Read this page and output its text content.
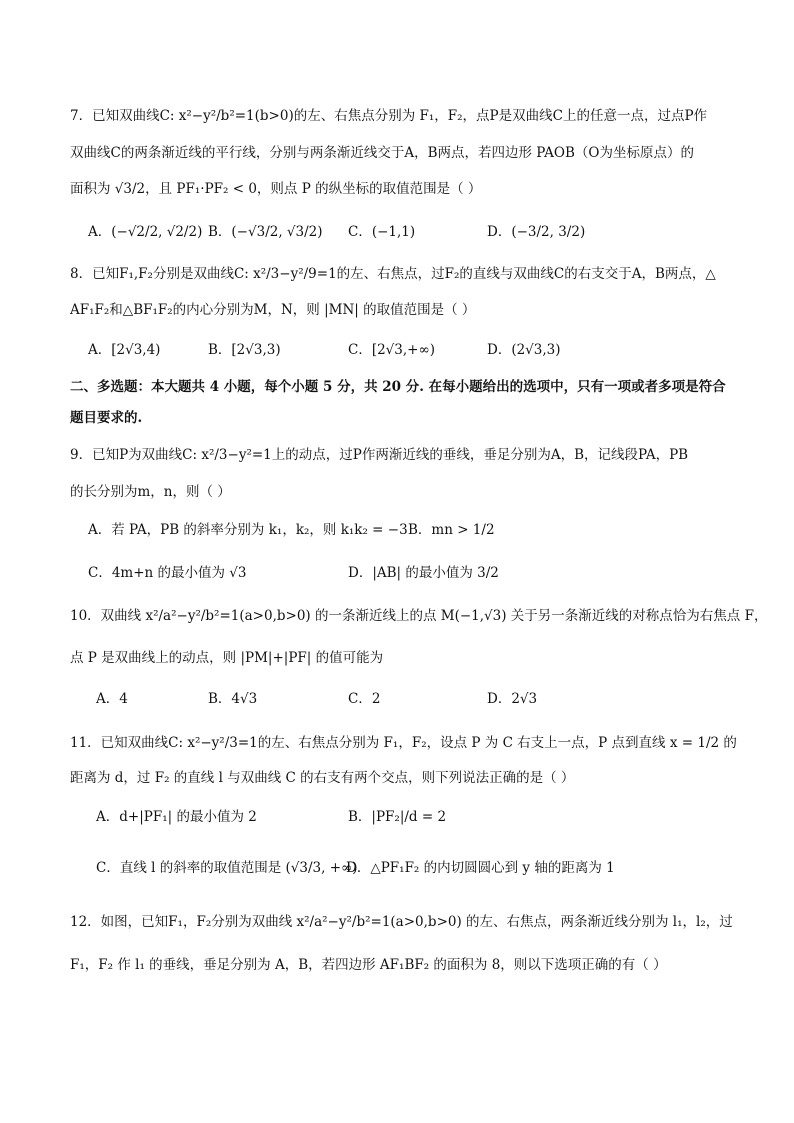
7．已知双曲线C: x²−y²/b²=1(b>0)的左、右焦点分别为 F₁，F₂，点P是双曲线C上的任意一点，过点P作
双曲线C的两条渐近线的平行线，分别与两条渐近线交于A，B两点，若四边形 PAOB（O为坐标原点）的
面积为 √3/2，且 PF₁·PF₂ < 0，则点 P 的纵坐标的取值范围是（ ）
A．(−√2/2, √2/2) B．(−√3/2, √3/2) C．(−1,1)	D．(−3/2, 3/2)
8．已知F₁,F₂分别是双曲线C: x²/3−y²/9=1的左、右焦点，过F₂的直线与双曲线C的右支交于A，B两点，△
AF₁F₂和△BF₁F₂的内心分别为M，N，则 |MN| 的取值范围是（ ）
A．[2√3,4)	B．[2√3,3)	C．[2√3,+∞)	D．(2√3,3)
二、多选题：本大题共 4 小题，每个小题 5 分，共 20 分. 在每小题给出的选项中，只有一项或者多项是符合
题目要求的.
9．已知P为双曲线C: x²/3−y²=1上的动点，过P作两渐近线的垂线，垂足分别为A，B，记线段PA，PB
的长分别为m，n，则（ ）
A．若 PA，PB 的斜率分别为 k₁，k₂，则 k₁k₂ = −3 B．mn > 1/2
C．4m+n 的最小值为 √3	D．|AB| 的最小值为 3/2
10．双曲线 x²/a²−y²/b²=1(a>0,b>0) 的一条渐近线上的点 M(−1,√3) 关于另一条渐近线的对称点恰为右焦点 F，
点 P 是双曲线上的动点，则 |PM|+|PF| 的值可能为
A．4	B．4√3	C．2	D．2√3
11．已知双曲线C: x²−y²/3=1的左、右焦点分别为 F₁，F₂，设点 P 为 C 右支上一点，P 点到直线 x = 1/2 的
距离为 d，过 F₂ 的直线 l 与双曲线 C 的右支有两个交点，则下列说法正确的是（ ）
A．d+|PF₁| 的最小值为 2	B．|PF₂|/d = 2
C．直线 l 的斜率的取值范围是 (√3/3, +∞)
D．△PF₁F₂ 的内切圆圆心到 y 轴的距离为 1
12．如图，已知F₁，F₂分别为双曲线 x²/a²−y²/b²=1(a>0,b>0) 的左、右焦点，两条渐近线分别为 l₁，l₂，过
F₁，F₂ 作 l₁ 的垂线，垂足分别为 A，B，若四边形 AF₁BF₂ 的面积为 8，则以下选项正确的有（ ）
